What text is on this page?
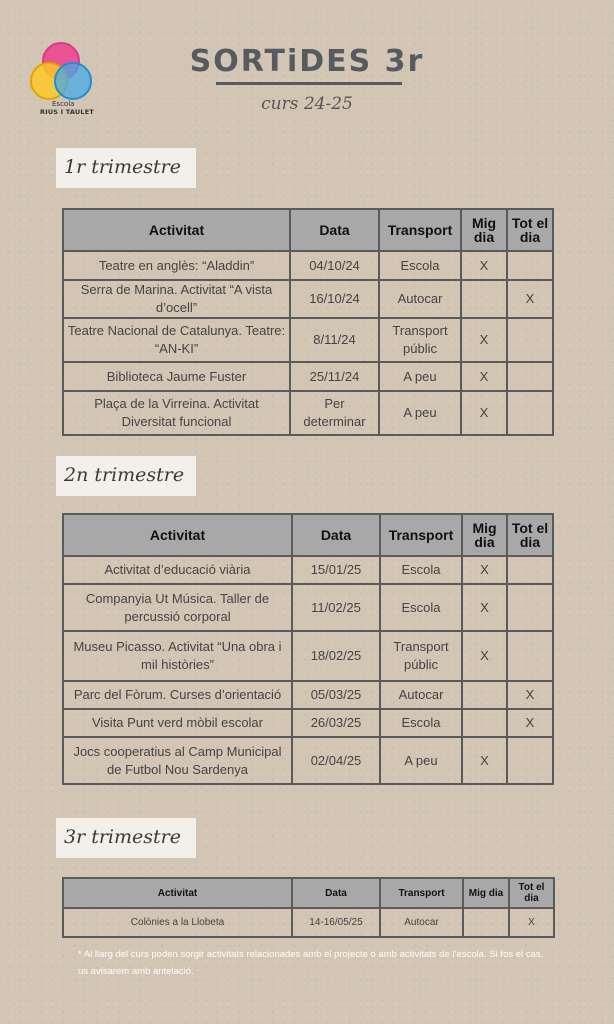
Escola
RIUS I TAULET
SORTiDES 3r
curs 24-25
1r trimestre
Activitat	Data	Transport	Mig dia	Tot el dia
Teatre en anglès: “Aladdin”	04/10/24	Escola	X	
Serra de Marina. Activitat “A vista d’ocell”	16/10/24	Autocar		X
Teatre Nacional de Catalunya. Teatre: “AN-KI”	8/11/24	Transport públic	X	
Biblioteca Jaume Fuster	25/11/24	A peu	X	
Plaça de la Virreina. Activitat Diversitat funcional	Per determinar	A peu	X	
2n trimestre
Activitat	Data	Transport	Mig dia	Tot el dia
Activitat d’educació viària	15/01/25	Escola	X	
Companyia Ut Música. Taller de percussió corporal	11/02/25	Escola	X	
Museu Picasso. Activitat “Una obra i mil històries”	18/02/25	Transport públic	X	
Parc del Fòrum. Curses d’orientació	05/03/25	Autocar		X
Visita Punt verd mòbil escolar	26/03/25	Escola		X
Jocs cooperatius al Camp Municipal de Futbol Nou Sardenya	02/04/25	A peu	X	
3r trimestre
Activitat	Data	Transport	Mig dia	Tot el dia
Colònies a la Llobeta	14-16/05/25	Autocar		X
* Al llarg del curs poden sorgir activitats relacionades amb el projecte o amb activitats de l’escola. Si fos el cas, us avisarem amb antelació.
